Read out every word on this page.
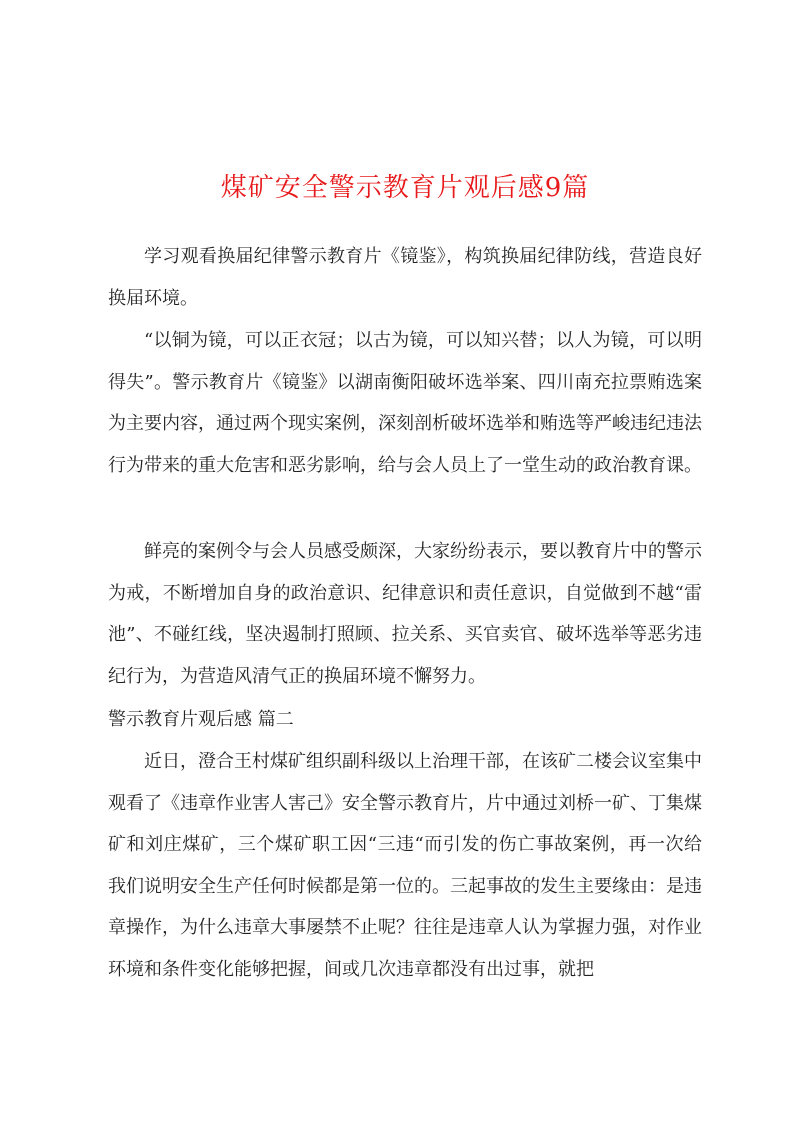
煤矿安全警示教育片观后感9篇

学习观看换届纪律警示教育片《镜鉴》，构筑换届纪律防线，营造良好换届环境。

“以铜为镜，可以正衣冠；以古为镜，可以知兴替；以人为镜，可以明得失”。警示教育片《镜鉴》以湖南衡阳破坏选举案、四川南充拉票贿选案为主要内容，通过两个现实案例，深刻剖析破坏选举和贿选等严峻违纪违法行为带来的重大危害和恶劣影响，给与会人员上了一堂生动的政治教育课。

鲜亮的案例令与会人员感受颇深，大家纷纷表示，要以教育片中的警示为戒，不断增加自身的政治意识、纪律意识和责任意识，自觉做到不越“雷池”、不碰红线，坚决遏制打照顾、拉关系、买官卖官、破坏选举等恶劣违纪行为，为营造风清气正的换届环境不懈努力。

警示教育片观后感 篇二

近日，澄合王村煤矿组织副科级以上治理干部，在该矿二楼会议室集中观看了《违章作业害人害己》安全警示教育片，片中通过刘桥一矿、丁集煤矿和刘庄煤矿，三个煤矿职工因“三违“而引发的伤亡事故案例，再一次给我们说明安全生产任何时候都是第一位的。三起事故的发生主要缘由：是违章操作，为什么违章大事屡禁不止呢？往往是违章人认为掌握力强，对作业环境和条件变化能够把握，间或几次违章都没有出过事，就把
